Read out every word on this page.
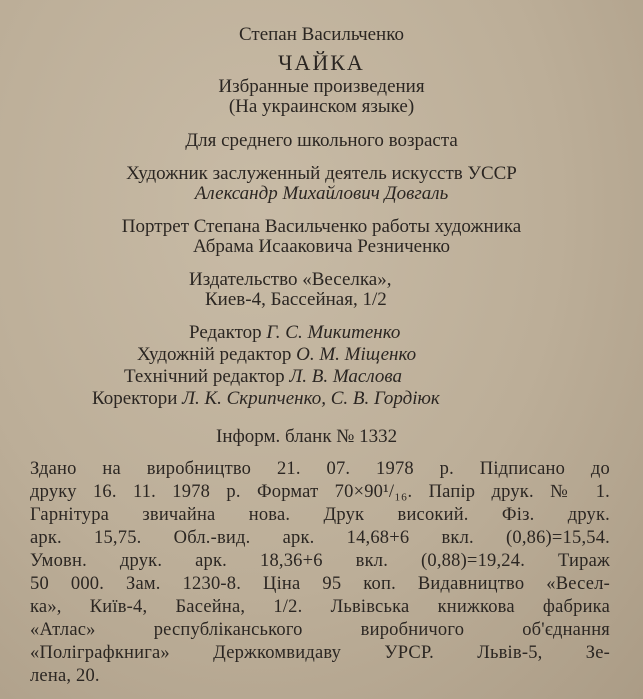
Степан Васильченко
ЧАЙКА
Избранные произведения
(На украинском языке)
Для среднего школьного возраста
Художник заслуженный деятель искусств УССР
Александр Михайлович Довгаль
Портрет Степана Васильченко работы художника
Абрама Исааковича Резниченко
Издательство «Веселка»,
Киев-4, Бассейная, 1/2
Редактор Г. С. Микитенко
Художній редактор О. М. Міщенко
Технічний редактор Л. В. Маслова
Коректори Л. К. Скрипченко, С. В. Гордіюк
Інформ. бланк № 1332
Здано на виробництво 21. 07. 1978 р. Підписано до
друку 16. 11. 1978 р. Формат 70×90¹/₁₆. Папір друк. № 1.
Гарнітура звичайна нова. Друк високий. Фіз. друк.
арк. 15,75. Обл.-вид. арк. 14,68+6 вкл. (0,86)=15,54.
Умовн. друк. арк. 18,36+6 вкл. (0,88)=19,24. Тираж
50 000. Зам. 1230-8. Ціна 95 коп. Видавництво «Весел-
ка», Київ-4, Басейна, 1/2. Львівська книжкова фабрика
«Атлас» республіканського виробничого об'єднання
«Поліграфкнига» Держкомвидаву УРСР. Львів-5, Зе-
лена, 20.
